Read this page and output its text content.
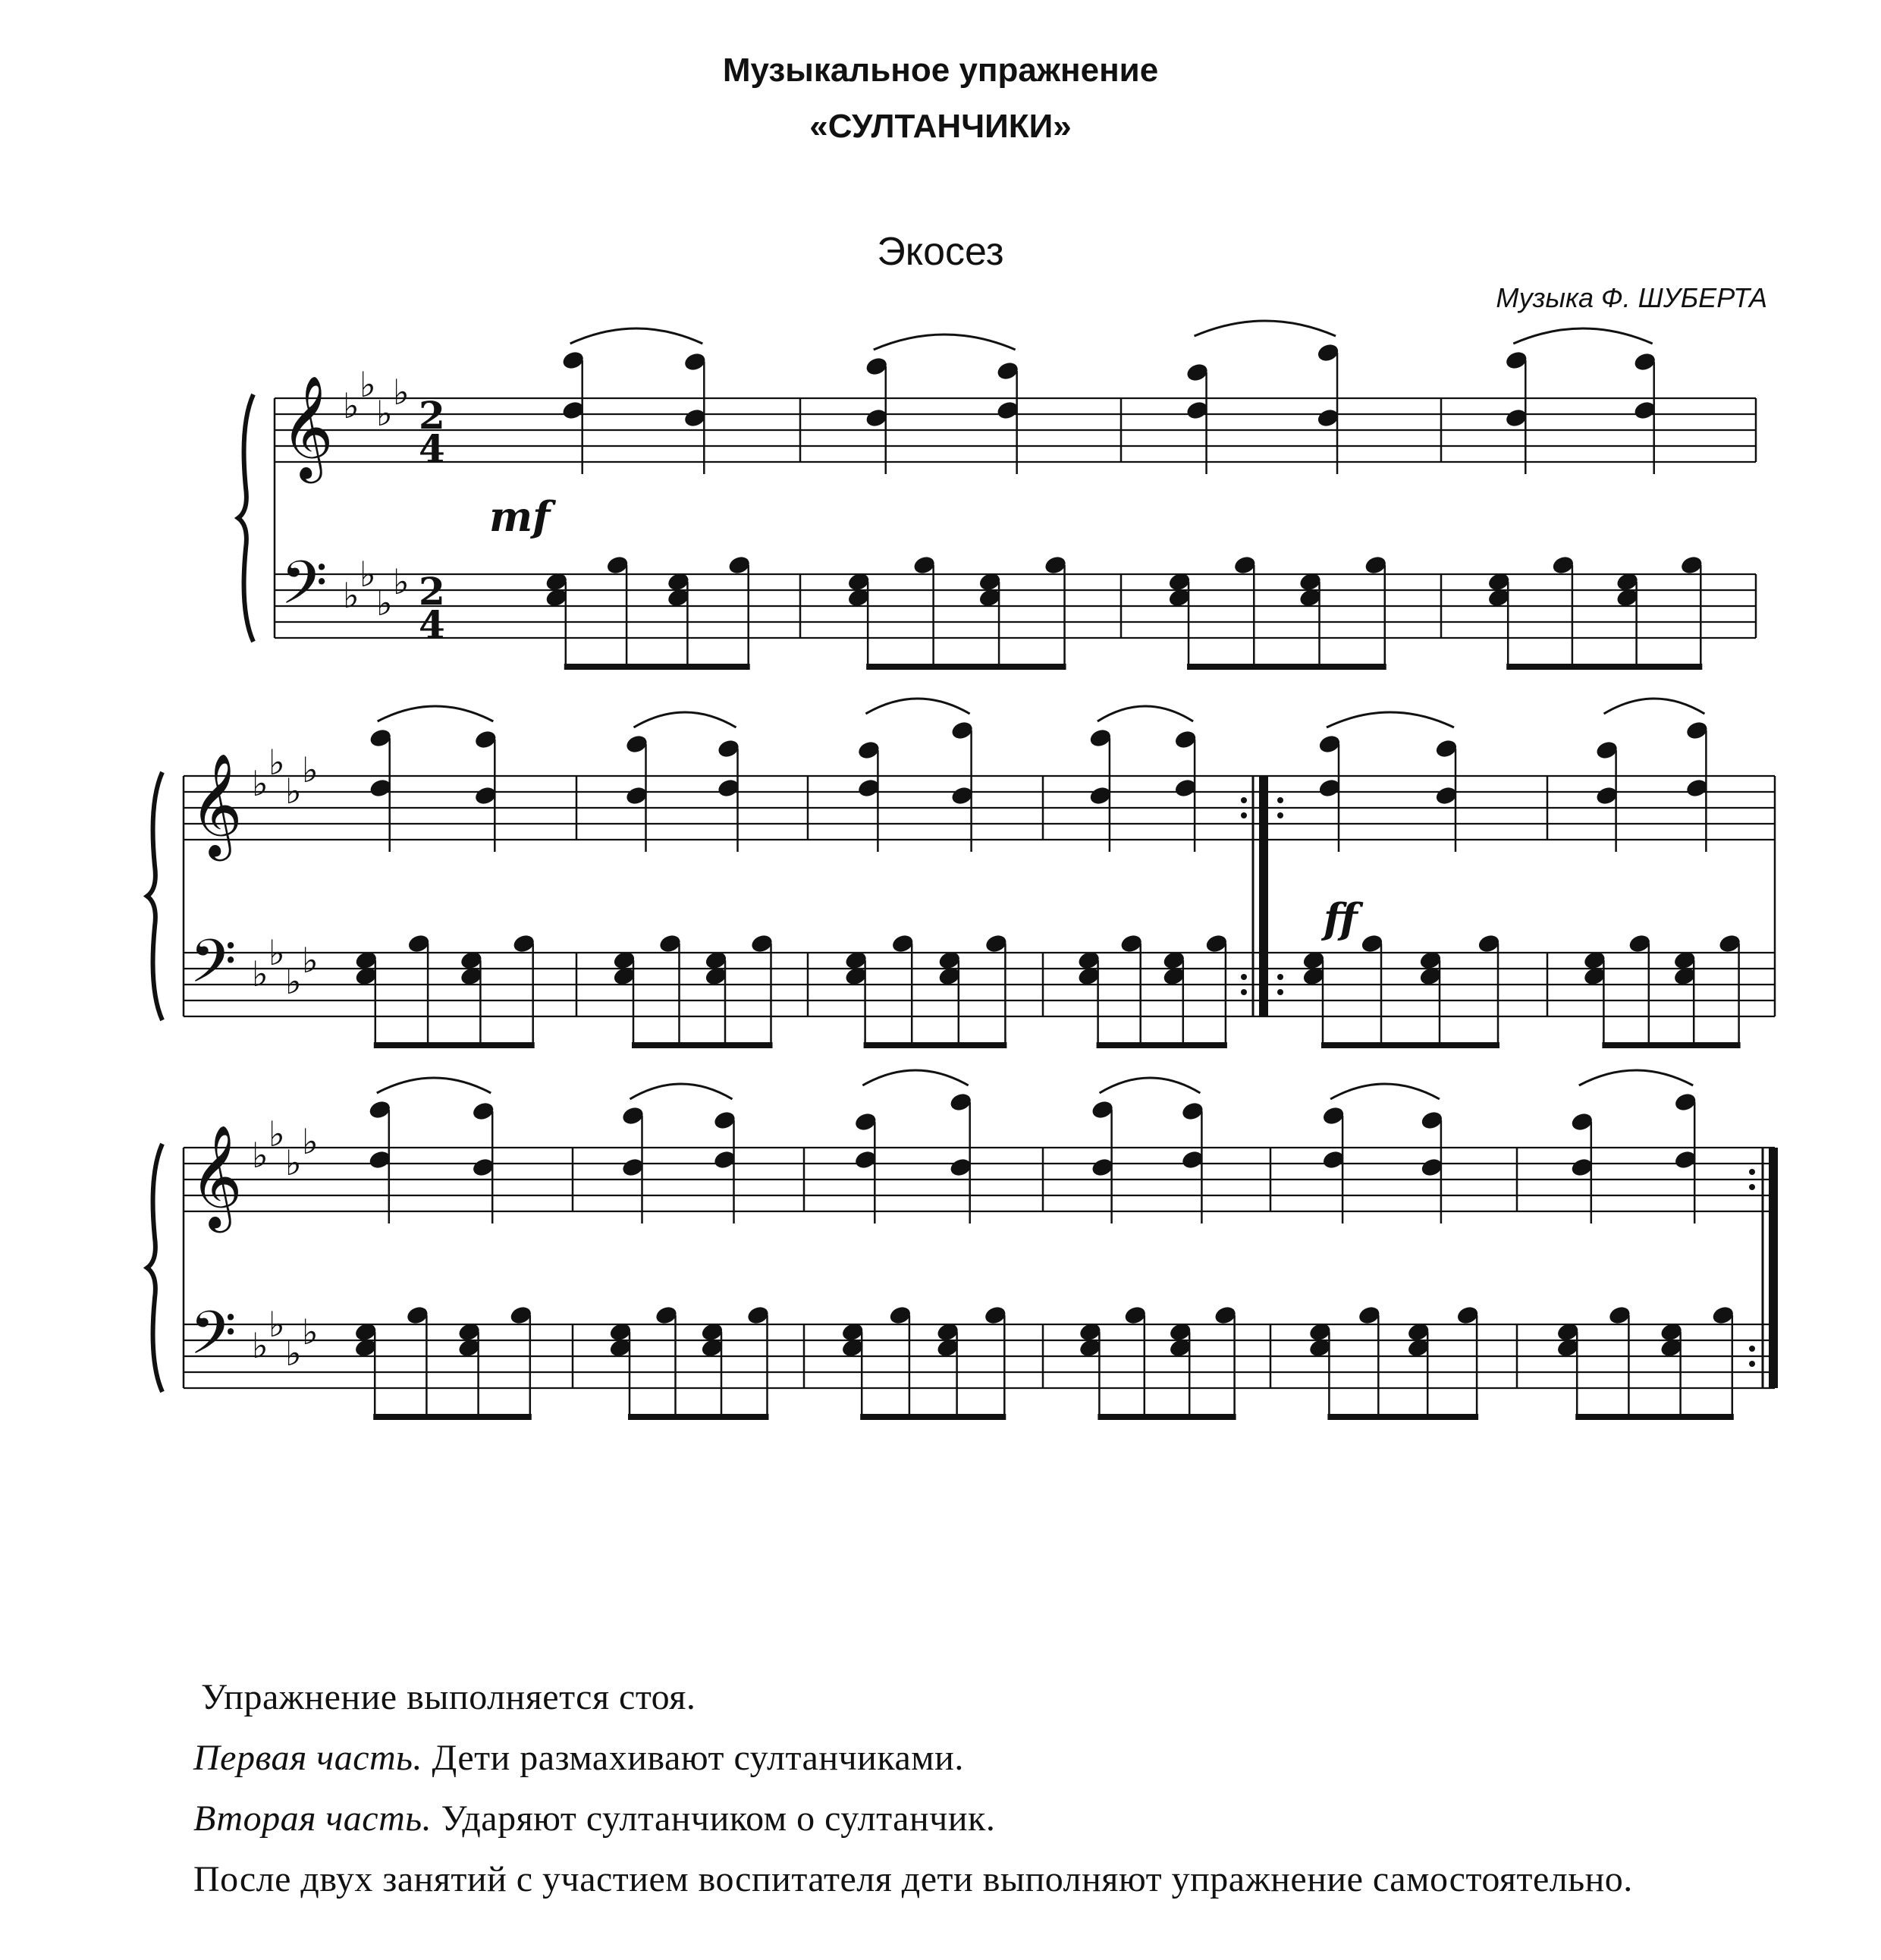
Музыкальное упражнение
«СУЛТАНЧИКИ»
Экосез
Музыка Ф. ШУБЕРТА
𝄞
𝄢
♭
♭
♭
♭
♭
♭
♭
♭
2
4
2
4
mf
𝄞
𝄢
♭
♭
♭
♭
♭
♭
♭
♭
ff
𝄞
𝄢
♭
♭
♭
♭
♭
♭
♭
♭
Упражнение выполняется стоя.
Первая часть. Дети размахивают султанчиками.
Вторая часть. Ударяют султанчиком о султанчик.
После двух занятий с участием воспитателя дети выполняют упражнение самостоятельно.
